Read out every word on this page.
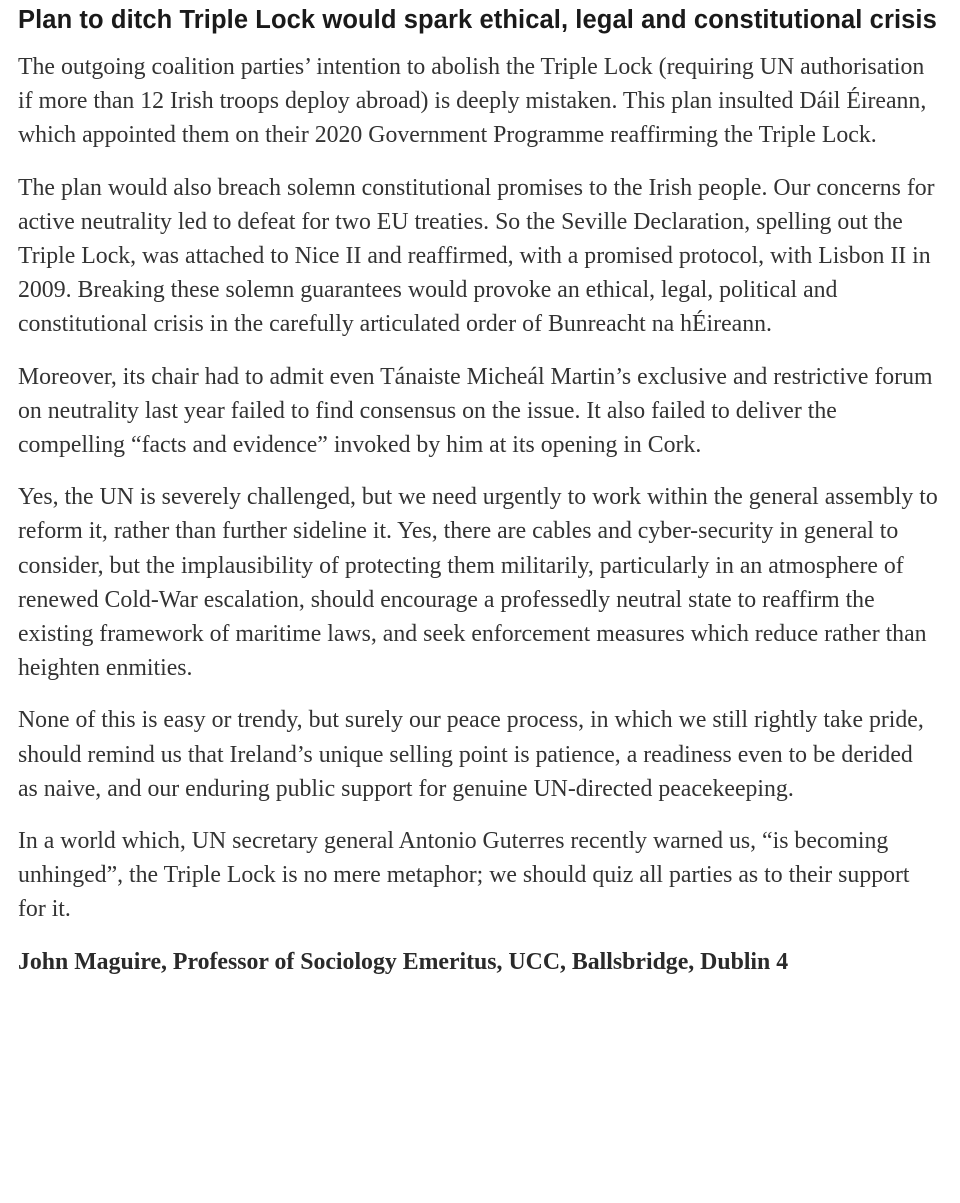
Plan to ditch Triple Lock would spark ethical, legal and constitutional crisis

The outgoing coalition parties’ intention to abolish the Triple Lock (requiring UN authorisation if more than 12 Irish troops deploy abroad) is deeply mistaken. This plan insulted Dáil Éireann, which appointed them on their 2020 Government Programme reaffirming the Triple Lock.

The plan would also breach solemn constitutional promises to the Irish people. Our concerns for active neutrality led to defeat for two EU treaties. So the Seville Declaration, spelling out the Triple Lock, was attached to Nice II and reaffirmed, with a promised protocol, with Lisbon II in 2009. Breaking these solemn guarantees would provoke an ethical, legal, political and constitutional crisis in the carefully articulated order of Bunreacht na hÉireann.

Moreover, its chair had to admit even Tánaiste Micheál Martin’s exclusive and restrictive forum on neutrality last year failed to find consensus on the issue. It also failed to deliver the compelling “facts and evidence” invoked by him at its opening in Cork.

Yes, the UN is severely challenged, but we need urgently to work within the general assembly to reform it, rather than further sideline it. Yes, there are cables and cyber-security in general to consider, but the implausibility of protecting them militarily, particularly in an atmosphere of renewed Cold-War escalation, should encourage a professedly neutral state to reaffirm the existing framework of maritime laws, and seek enforcement measures which reduce rather than heighten enmities.

None of this is easy or trendy, but surely our peace process, in which we still rightly take pride, should remind us that Ireland’s unique selling point is patience, a readiness even to be derided as naive, and our enduring public support for genuine UN-directed peacekeeping.

In a world which, UN secretary general Antonio Guterres recently warned us, “is becoming unhinged”, the Triple Lock is no mere metaphor; we should quiz all parties as to their support for it.

John Maguire, Professor of Sociology Emeritus, UCC, Ballsbridge, Dublin 4
